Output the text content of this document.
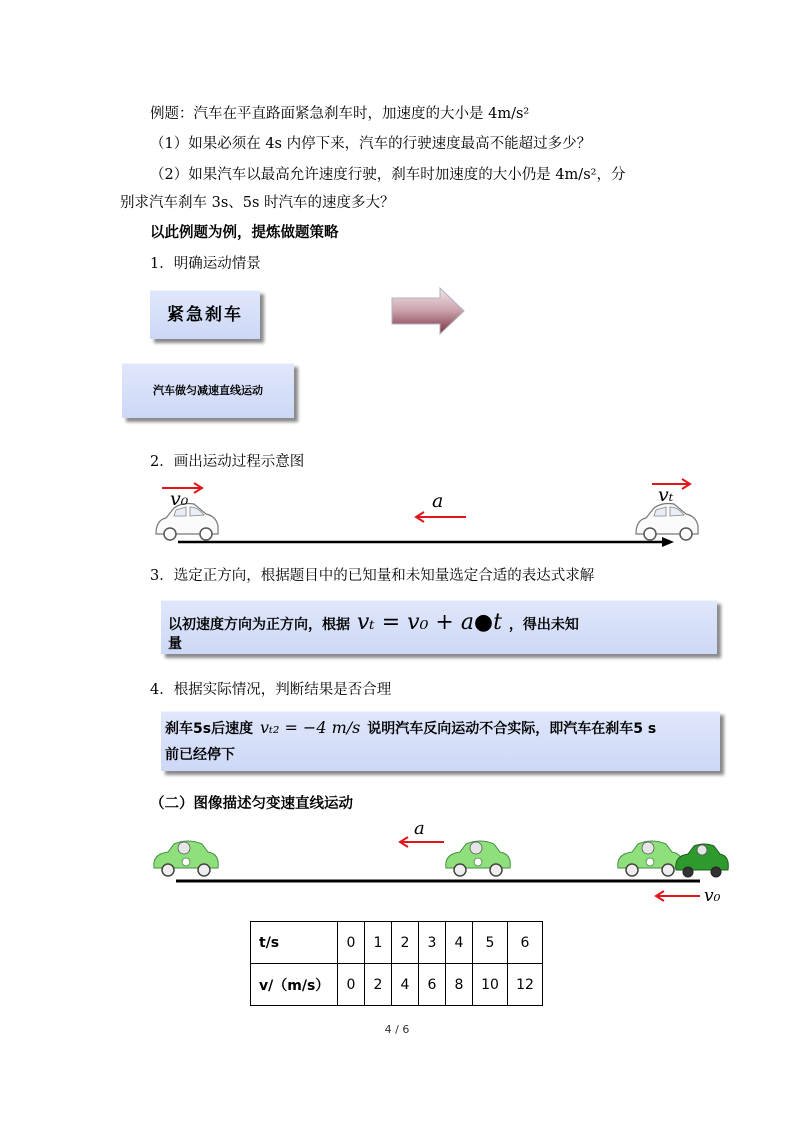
例题：汽车在平直路面紧急刹车时，加速度的大小是 4m/s²
（1）如果必须在 4s 内停下来，汽车的行驶速度最高不能超过多少？
（2）如果汽车以最高允许速度行驶，刹车时加速度的大小仍是 4m/s²，分
别求汽车刹车 3s、5s 时汽车的速度多大？
以此例题为例，提炼做题策略
1．明确运动情景
紧急刹车
汽车做匀减速直线运动
2．画出运动过程示意图
v₀	a	vₜ
3．选定正方向，根据题目中的已知量和未知量选定合适的表达式求解
以初速度方向为正方向，根据 vₜ = v₀ + a●t ，得出未知
量
4．根据实际情况，判断结果是否合理
刹车5s后速度 vₜ₂ = −4 m/s 说明汽车反向运动不合实际，即汽车在刹车5 s
前已经停下
（二）图像描述匀变速直线运动
a
v₀
t/s	0	1	2	3	4	5	6
v/（m/s）	0	2	4	6	8	10	12
4 / 6
